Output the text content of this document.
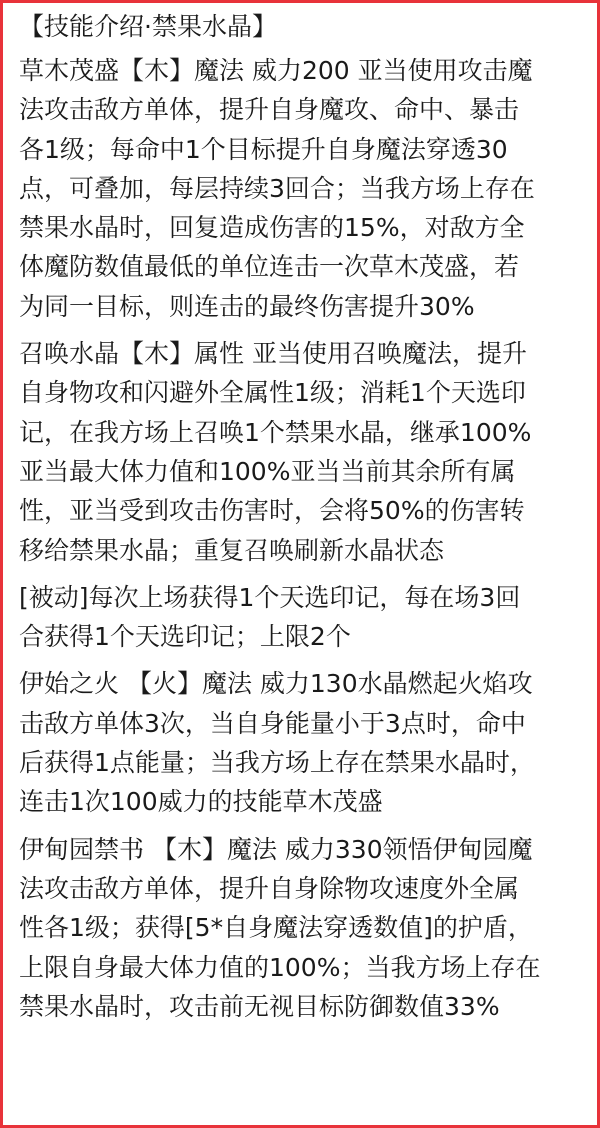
【技能介绍·禁果水晶】
草木茂盛【木】魔法 威力200 亚当使用攻击魔
法攻击敌方单体，提升自身魔攻、命中、暴击
各1级；每命中1个目标提升自身魔法穿透30
点，可叠加，每层持续3回合；当我方场上存在
禁果水晶时，回复造成伤害的15%，对敌方全
体魔防数值最低的单位连击一次草木茂盛，若
为同一目标，则连击的最终伤害提升30%
召唤水晶【木】属性 亚当使用召唤魔法，提升
自身物攻和闪避外全属性1级；消耗1个天选印
记，在我方场上召唤1个禁果水晶，继承100%
亚当最大体力值和100%亚当当前其余所有属
性，亚当受到攻击伤害时，会将50%的伤害转
移给禁果水晶；重复召唤刷新水晶状态
[被动]每次上场获得1个天选印记，每在场3回
合获得1个天选印记；上限2个
伊始之火 【火】魔法 威力130水晶燃起火焰攻
击敌方单体3次，当自身能量小于3点时，命中
后获得1点能量；当我方场上存在禁果水晶时，
连击1次100威力的技能草木茂盛
伊甸园禁书 【木】魔法 威力330领悟伊甸园魔
法攻击敌方单体，提升自身除物攻速度外全属
性各1级；获得[5*自身魔法穿透数值]的护盾，
上限自身最大体力值的100%；当我方场上存在
禁果水晶时，攻击前无视目标防御数值33%
